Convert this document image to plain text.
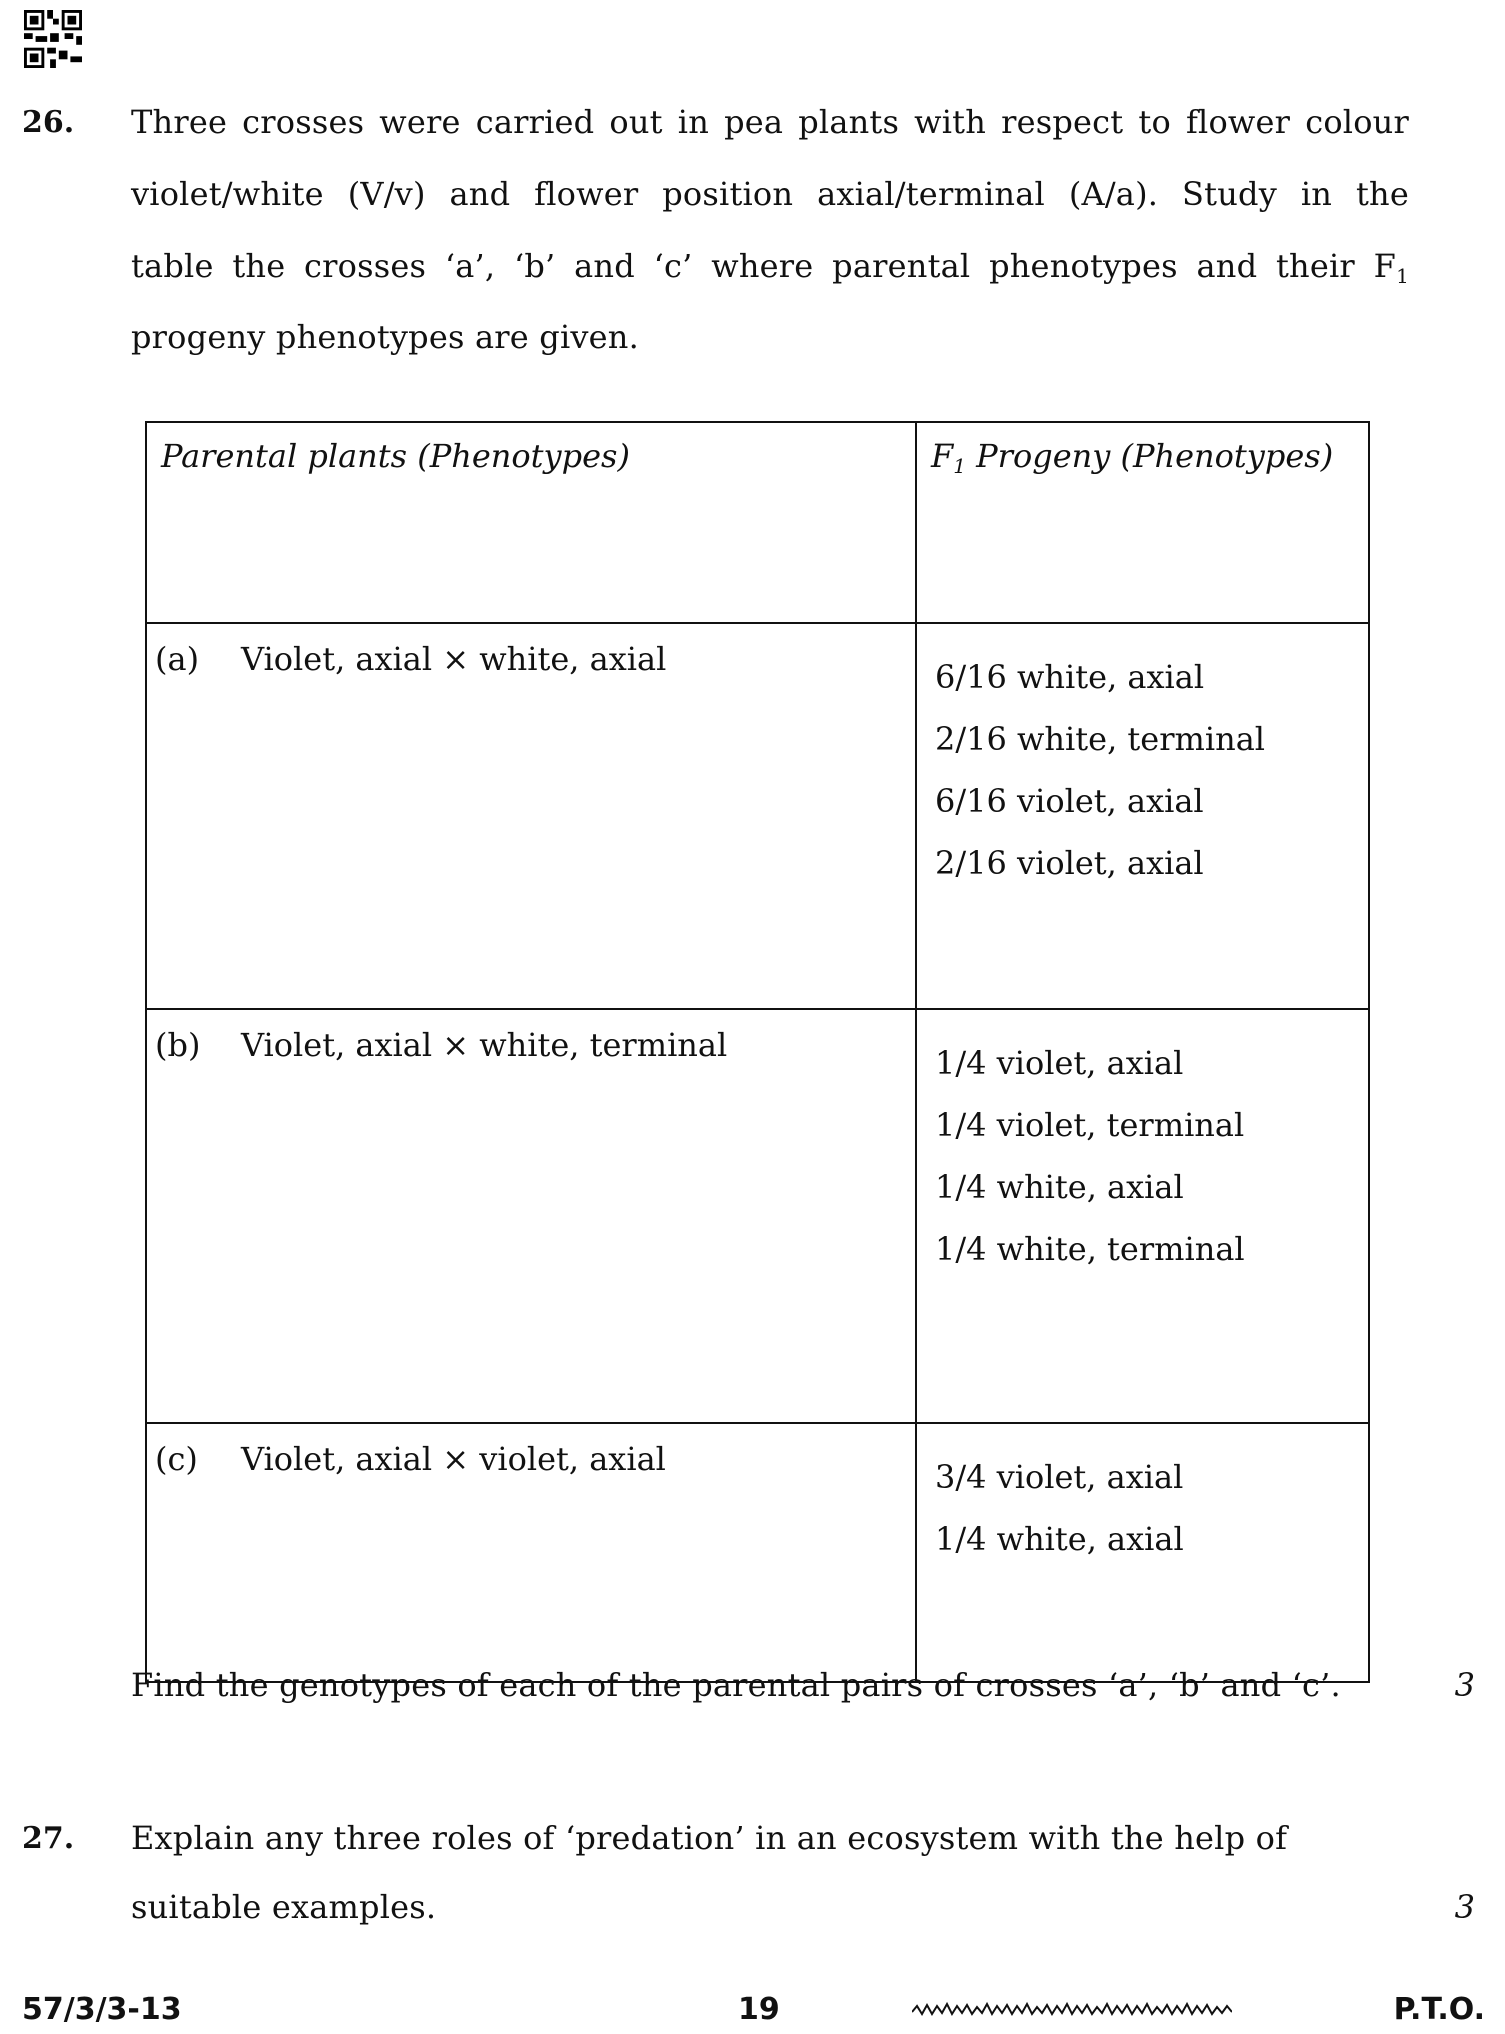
26. Three crosses were carried out in pea plants with respect to flower colour
violet/white (V/v) and flower position axial/terminal (A/a). Study in the
table the crosses ‘a’, ‘b’ and ‘c’ where parental phenotypes and their $F_1$
progeny phenotypes are given.
Parental plants (Phenotypes)	$F_1$ Progeny (Phenotypes)
(a) Violet, axial × white, axial	6/16 white, axial
2/16 white, terminal
6/16 violet, axial
2/16 violet, axial

(b) Violet, axial × white, terminal	1/4 violet, axial
1/4 violet, terminal
1/4 white, axial
1/4 white, terminal

(c) Violet, axial × violet, axial	3/4 violet, axial
1/4 white, axial
Find the genotypes of each of the parental pairs of crosses ‘a’, ‘b’ and ‘c’.	3
27. Explain any three roles of ‘predation’ in an ecosystem with the help of
suitable examples.	3
57/3/3-13	19	P.T.O.
